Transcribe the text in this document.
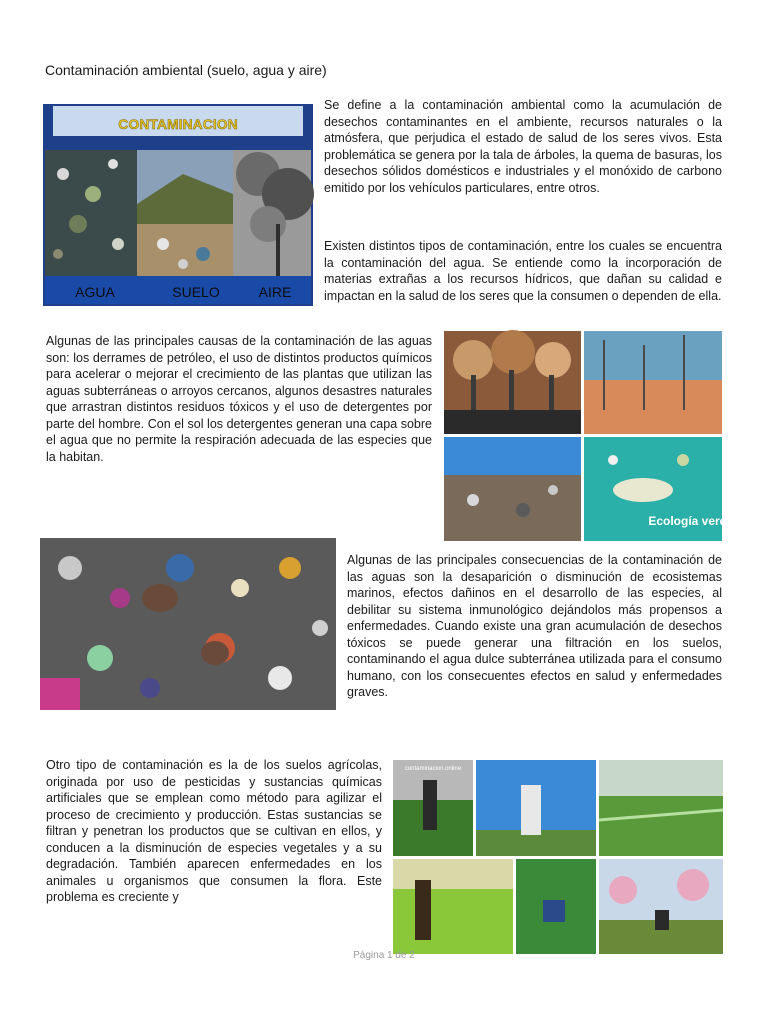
Contaminación ambiental (suelo, agua y aire)
CONTAMINACION
AGUA	SUELO	AIRE

Se define a la contaminación ambiental como la acumulación de desechos contaminantes en el ambiente, recursos naturales o la atmósfera, que perjudica el estado de salud de los seres vivos. Esta problemática se genera por la tala de árboles, la quema de basuras, los desechos sólidos domésticos e industriales y el monóxido de carbono emitido por los vehículos particulares, entre otros.

Existen distintos tipos de contaminación, entre los cuales se encuentra la contaminación del agua. Se entiende como la incorporación de materias extrañas a los recursos hídricos, que dañan su calidad e impactan en la salud de los seres que la consumen o dependen de ella.

Algunas de las principales causas de la contaminación de las aguas son: los derrames de petróleo, el uso de distintos productos químicos para acelerar o mejorar el crecimiento de las plantas que utilizan las aguas subterráneas o arroyos cercanos, algunos desastres naturales que arrastran distintos residuos tóxicos y el uso de detergentes por parte del hombre. Con el sol los detergentes generan una capa sobre el agua que no permite la respiración adecuada de las especies que la habitan.

Ecología verde

Algunas de las principales consecuencias de la contaminación de las aguas son la desaparición o disminución de ecosistemas marinos, efectos dañinos en el desarrollo de las especies, al debilitar su sistema inmunológico dejándolos más propensos a enfermedades. Cuando existe una gran acumulación de desechos tóxicos se puede generar una filtración en los suelos, contaminando el agua dulce subterránea utilizada para el consumo humano, con los consecuentes efectos en salud y enfermedades graves.

Otro tipo de contaminación es la de los suelos agrícolas, originada por uso de pesticidas y sustancias químicas artificiales que se emplean como método para agilizar el proceso de crecimiento y producción. Estas sustancias se filtran y penetran los productos que se cultivan en ellos, y conducen a la disminución de especies vegetales y a su degradación. También aparecen enfermedades en los animales u organismos que consumen la flora. Este problema es creciente y

contaminacion.online
Página 1 de 2
